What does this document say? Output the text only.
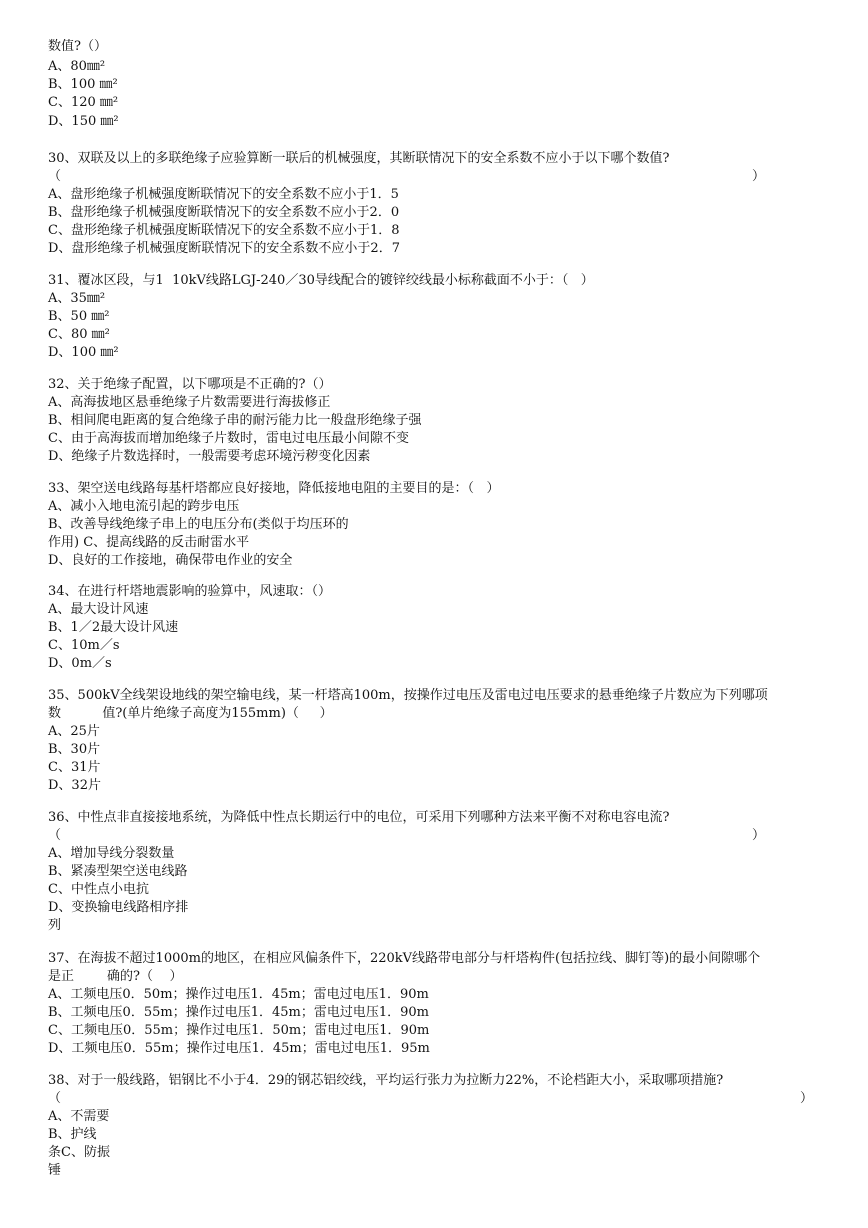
数值?（）
A、80㎜²
B、100 ㎜²
C、120 ㎜²
D、150 ㎜²
30、双联及以上的多联绝缘子应验算断一联后的机械强度，其断联情况下的安全系数不应小于以下哪个数值?
（	）
A、盘形绝缘子机械强度断联情况下的安全系数不应小于1．5
B、盘形绝缘子机械强度断联情况下的安全系数不应小于2．0
C、盘形绝缘子机械强度断联情况下的安全系数不应小于1．8
D、盘形绝缘子机械强度断联情况下的安全系数不应小于2．7
31、覆冰区段，与1  10kV线路LGJ-240／30导线配合的镀锌绞线最小标称截面不小于：（   ）
A、35㎜²
B、50 ㎜²
C、80 ㎜²
D、100 ㎜²
32、关于绝缘子配置，以下哪项是不正确的?（）
A、高海拔地区悬垂绝缘子片数需要进行海拔修正
B、相间爬电距离的复合绝缘子串的耐污能力比一般盘形绝缘子强
C、由于高海拔而增加绝缘子片数时，雷电过电压最小间隙不变
D、绝缘子片数选择时，一般需要考虑环境污秽变化因素
33、架空送电线路每基杆塔都应良好接地，降低接地电阻的主要目的是：（   ）
A、减小入地电流引起的跨步电压
B、改善导线绝缘子串上的电压分布(类似于均压环的
作用) C、提高线路的反击耐雷水平
D、良好的工作接地，确保带电作业的安全
34、在进行杆塔地震影响的验算中，风速取：（）
A、最大设计风速
B、1／2最大设计风速
C、10m／s
D、0m／s
35、500kV全线架设地线的架空输电线，某一杆塔高100m，按操作过电压及雷电过电压要求的悬垂绝缘子片数应为下列哪项
数          值?(单片绝缘子高度为155mm)（     ）
A、25片
B、30片
C、31片
D、32片
36、中性点非直接接地系统，为降低中性点长期运行中的电位，可采用下列哪种方法来平衡不对称电容电流?
（	）
A、增加导线分裂数量
B、紧凑型架空送电线路
C、中性点小电抗
D、变换输电线路相序排
列
37、在海拔不超过1000m的地区，在相应风偏条件下，220kV线路带电部分与杆塔构件(包括拉线、脚钉等)的最小间隙哪个
是正        确的?（    ）
A、工频电压0．50m；操作过电压1．45m；雷电过电压1．90m
B、工频电压0．55m；操作过电压1．45m；雷电过电压1．90m
C、工频电压0．55m；操作过电压1．50m；雷电过电压1．90m
D、工频电压0．55m；操作过电压1．45m；雷电过电压1．95m
38、对于一般线路，铝钢比不小于4．29的钢芯铝绞线，平均运行张力为拉断力22%，不论档距大小，采取哪项措施?
（	）
A、不需要
B、护线
条C、防振
锤
